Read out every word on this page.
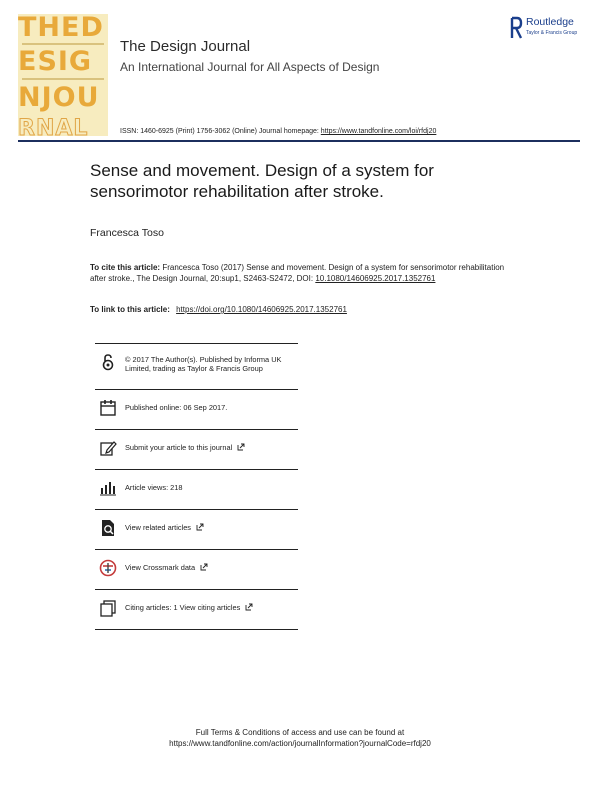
THED
ESIG
NJOU
RNAL
The Design Journal
An International Journal for All Aspects of Design
Routledge
Taylor & Francis Group
ISSN: 1460-6925 (Print) 1756-3062 (Online) Journal homepage: https://www.tandfonline.com/loi/rfdj20
Sense and movement. Design of a system for sensorimotor rehabilitation after stroke.
Francesca Toso
To cite this article: Francesca Toso (2017) Sense and movement. Design of a system for sensorimotor rehabilitation after stroke., The Design Journal, 20:sup1, S2463-S2472, DOI: 10.1080/14606925.2017.1352761
To link to this article: https://doi.org/10.1080/14606925.2017.1352761
© 2017 The Author(s). Published by Informa UK Limited, trading as Taylor & Francis Group
Published online: 06 Sep 2017.
Submit your article to this journal
Article views: 218
View related articles
View Crossmark data
Citing articles: 1 View citing articles
Full Terms & Conditions of access and use can be found at
https://www.tandfonline.com/action/journalInformation?journalCode=rfdj20
